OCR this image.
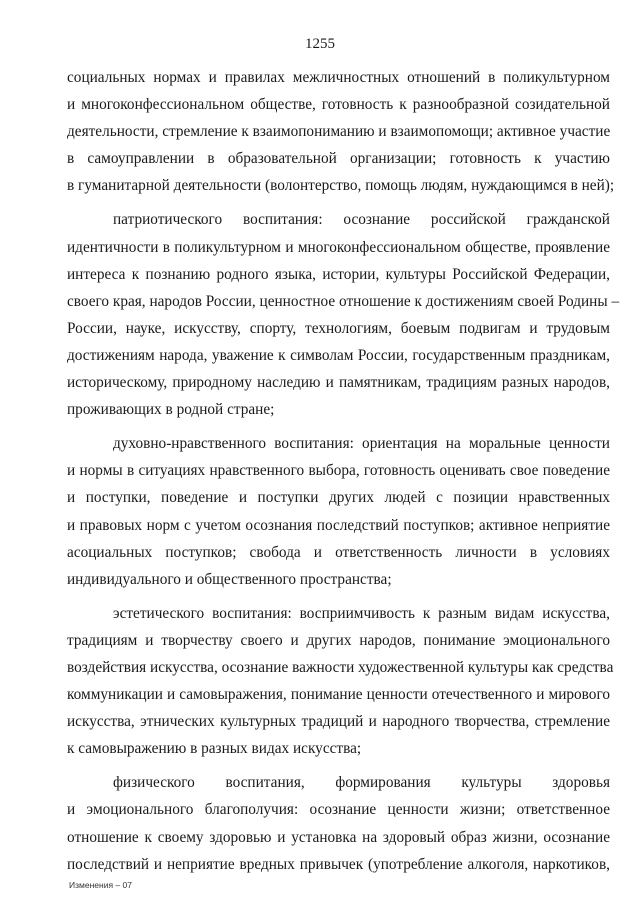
1255
социальных нормах и правилах межличностных отношений в поликультурном
и многоконфессиональном обществе, готовность к разнообразной созидательной
деятельности, стремление к взаимопониманию и взаимопомощи; активное участие
в самоуправлении в образовательной организации; готовность к участию
в гуманитарной деятельности (волонтерство, помощь людям, нуждающимся в ней);
патриотического воспитания: осознание российской гражданской
идентичности в поликультурном и многоконфессиональном обществе, проявление
интереса к познанию родного языка, истории, культуры Российской Федерации,
своего края, народов России, ценностное отношение к достижениям своей Родины –
России, науке, искусству, спорту, технологиям, боевым подвигам и трудовым
достижениям народа, уважение к символам России, государственным праздникам,
историческому, природному наследию и памятникам, традициям разных народов,
проживающих в родной стране;
духовно-нравственного воспитания: ориентация на моральные ценности
и нормы в ситуациях нравственного выбора, готовность оценивать свое поведение
и поступки, поведение и поступки других людей с позиции нравственных
и правовых норм с учетом осознания последствий поступков; активное неприятие
асоциальных поступков; свобода и ответственность личности в условиях
индивидуального и общественного пространства;
эстетического воспитания: восприимчивость к разным видам искусства,
традициям и творчеству своего и других народов, понимание эмоционального
воздействия искусства, осознание важности художественной культуры как средства
коммуникации и самовыражения, понимание ценности отечественного и мирового
искусства, этнических культурных традиций и народного творчества, стремление
к самовыражению в разных видах искусства;
физического воспитания, формирования культуры здоровья
и эмоционального благополучия: осознание ценности жизни; ответственное
отношение к своему здоровью и установка на здоровый образ жизни, осознание
последствий и неприятие вредных привычек (употребление алкоголя, наркотиков,
Изменения – 07
